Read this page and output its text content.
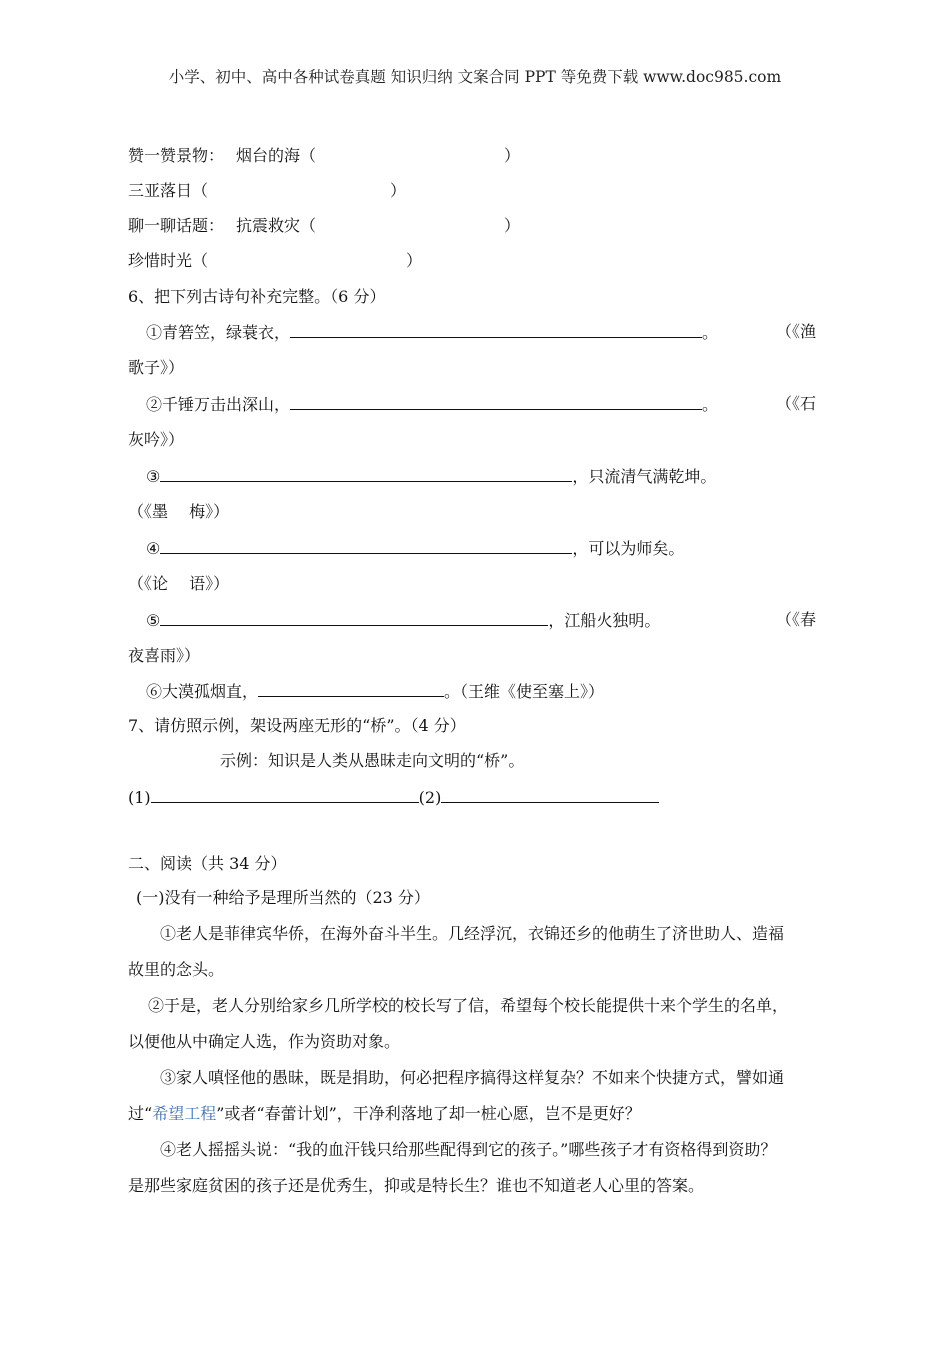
小学、初中、高中各种试卷真题 知识归纳 文案合同 PPT 等免费下载 www.doc985.com
赞一赞景物： 烟台的海（	）
三亚落日（	）
聊一聊话题： 抗震救灾（	）
珍惜时光（	）
6、把下列古诗句补充完整。（6 分）
①青箬笠，绿蓑衣，	。	（《渔
歌子》）
②千锤万击出深山，	。	（《石
灰吟》）
③	，只流清气满乾坤。
（《墨　 梅》）
④	，可以为师矣。
（《论　 语》）
⑤	，江船火独明。	（《春
夜喜雨》）
⑥大漠孤烟直，	。（王维《使至塞上》）
7、请仿照示例，架设两座无形的“桥”。（4 分）
示例：知识是人类从愚昧走向文明的“桥”。
(1)	(2)
二、阅读（共 34 分）
(一)没有一种给予是理所当然的（23 分）
①老人是菲律宾华侨，在海外奋斗半生。几经浮沉，衣锦还乡的他萌生了济世助人、造福
故里的念头。
②于是，老人分别给家乡几所学校的校长写了信，希望每个校长能提供十来个学生的名单，
以便他从中确定人选，作为资助对象。
③家人嗔怪他的愚昧，既是捐助，何必把程序搞得这样复杂？不如来个快捷方式，譬如通
过“希望工程”或者“春蕾计划”，干净利落地了却一桩心愿，岂不是更好？
④老人摇摇头说：“我的血汗钱只给那些配得到它的孩子。”哪些孩子才有资格得到资助？
是那些家庭贫困的孩子还是优秀生，抑或是特长生？谁也不知道老人心里的答案。
